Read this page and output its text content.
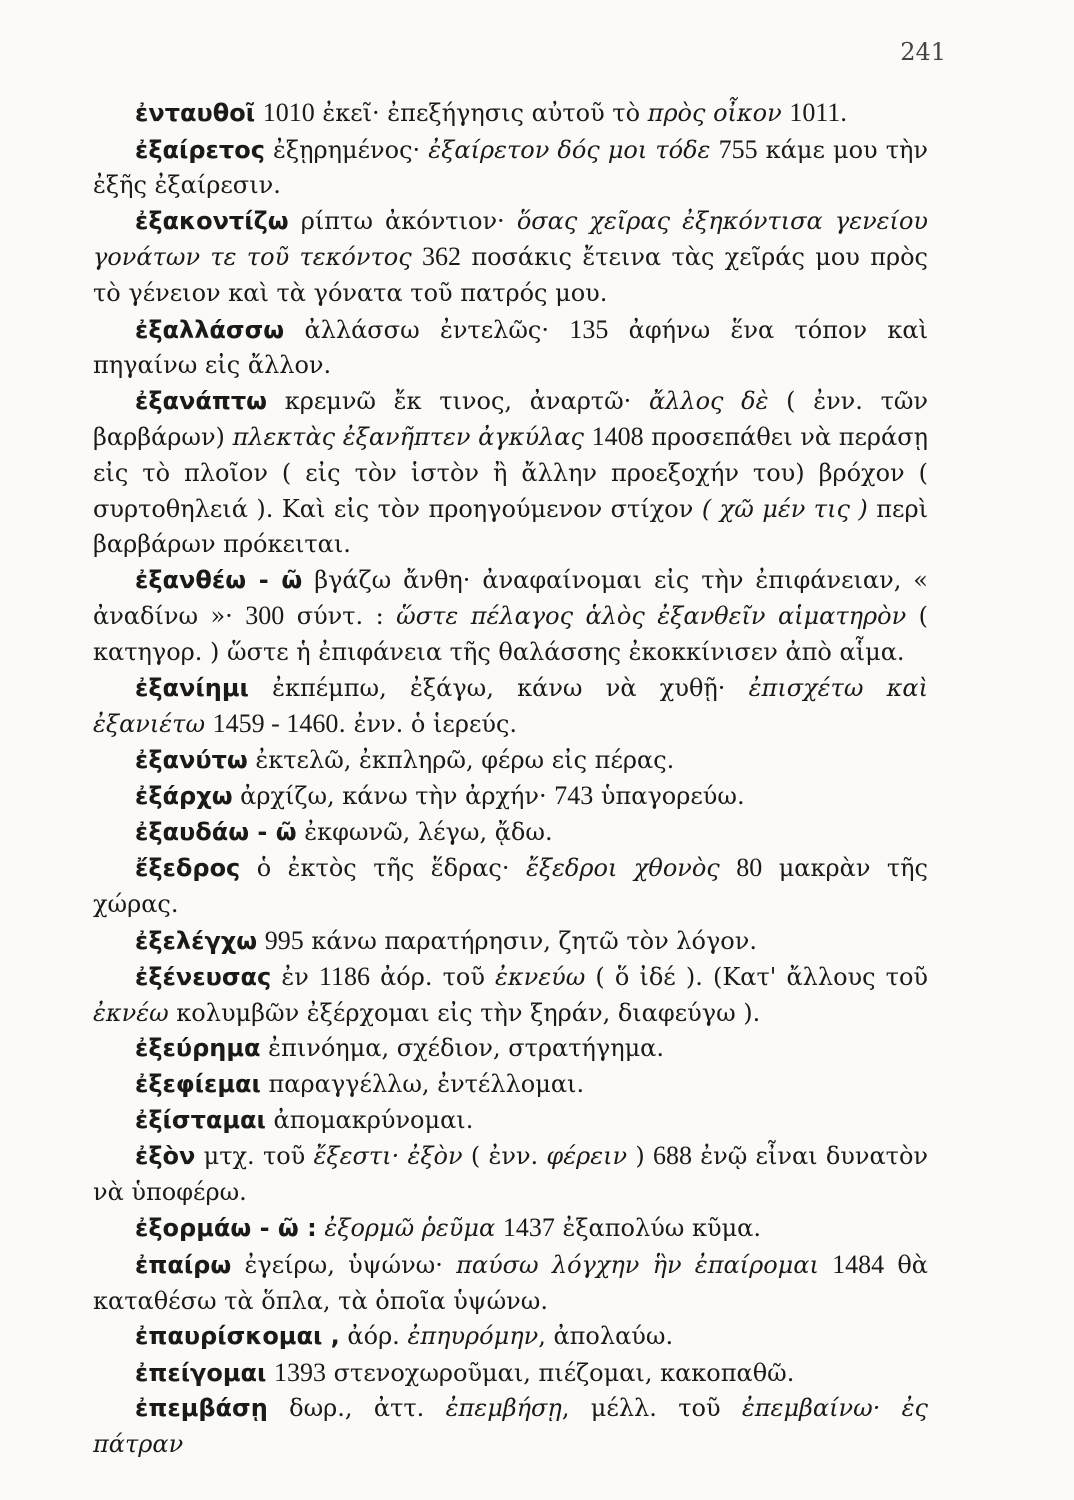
241

ἐνταυθοῖ 1010 ἐκεῖ· ἐπεξήγησις αὐτοῦ τὸ πρὸς οἶκον 1011.

ἐξαίρετος ἐξῃρημένος· ἐξαίρετον δός μοι τόδε 755 κάμε μου τὴν ἐξῆς ἐξαίρεσιν.

ἐξακοντίζω ρίπτω ἀκόντιον· ὅσας χεῖρας ἐξηκόντισα γενείου γονάτων τε τοῦ τεκόντος 362 ποσάκις ἔτεινα τὰς χεῖράς μου πρὸς τὸ γένειον καὶ τὰ γόνατα τοῦ πατρός μου.

ἐξαλλάσσω ἀλλάσσω ἐντελῶς· 135 ἀφήνω ἕνα τόπον καὶ πηγαίνω εἰς ἄλλον.

ἐξανάπτω κρεμνῶ ἔκ τινος, ἀναρτῶ· ἄλλος δὲ ( ἐνν. τῶν βαρβάρων) πλεκτὰς ἐξανῆπτεν ἀγκύλας 1408 προσεπάθει νὰ περάσῃ εἰς τὸ πλοῖον ( εἰς τὸν ἱστὸν ἢ ἄλλην προεξοχήν του) βρόχον ( συρτοθηλειά ). Καὶ εἰς τὸν προηγούμενον στίχον ( χῶ μέν τις ) περὶ βαρβάρων πρόκειται.

ἐξανθέω - ῶ βγάζω ἄνθη· ἀναφαίνομαι εἰς τὴν ἐπιφάνειαν, « ἀναδίνω »· 300 σύντ. : ὥστε πέλαγος ἁλὸς ἐξανθεῖν αἱματηρὸν ( κατηγορ. ) ὥστε ἡ ἐπιφάνεια τῆς θαλάσσης ἐκοκκίνισεν ἀπὸ αἷμα.

ἐξανίημι ἐκπέμπω, ἐξάγω, κάνω νὰ χυθῇ· ἐπισχέτω καὶ ἐξανιέτω 1459 - 1460. ἐνν. ὁ ἱερεύς.

ἐξανύτω ἐκτελῶ, ἐκπληρῶ, φέρω εἰς πέρας.

ἐξάρχω ἀρχίζω, κάνω τὴν ἀρχήν· 743 ὑπαγορεύω.

ἐξαυδάω - ῶ ἐκφωνῶ, λέγω, ᾄδω.

ἔξεδρος ὁ ἐκτὸς τῆς ἕδρας· ἔξεδροι χθονὸς 80 μακρὰν τῆς χώρας.

ἐξελέγχω 995 κάνω παρατήρησιν, ζητῶ τὸν λόγον.

ἐξένευσας ἐν 1186 ἀόρ. τοῦ ἐκνεύω ( ὅ ἰδέ ). (Κατ' ἄλλους τοῦ ἐκνέω κολυμβῶν ἐξέρχομαι εἰς τὴν ξηράν, διαφεύγω ).

ἐξεύρημα ἐπινόημα, σχέδιον, στρατήγημα.

ἐξεφίεμαι παραγγέλλω, ἐντέλλομαι.

ἐξίσταμαι ἀπομακρύνομαι.

ἐξὸν μτχ. τοῦ ἔξεστι· ἐξὸν ( ἐνν. φέρειν ) 688 ἐνῷ εἶναι δυνατὸν νὰ ὑποφέρω.

ἐξορμάω - ῶ : ἐξορμῶ ῥεῦμα 1437 ἐξαπολύω κῦμα.

ἐπαίρω ἐγείρω, ὑψώνω· παύσω λόγχην ἣν ἐπαίρομαι 1484 θὰ καταθέσω τὰ ὅπλα, τὰ ὁποῖα ὑψώνω.

ἐπαυρίσκομαι , ἀόρ. ἐπηυρόμην, ἀπολαύω.

ἐπείγομαι 1393 στενοχωροῦμαι, πιέζομαι, κακοπαθῶ.

ἐπεμβάσῃ δωρ., ἀττ. ἐπεμβήσῃ, μέλλ. τοῦ ἐπεμβαίνω· ἐς πάτραν
